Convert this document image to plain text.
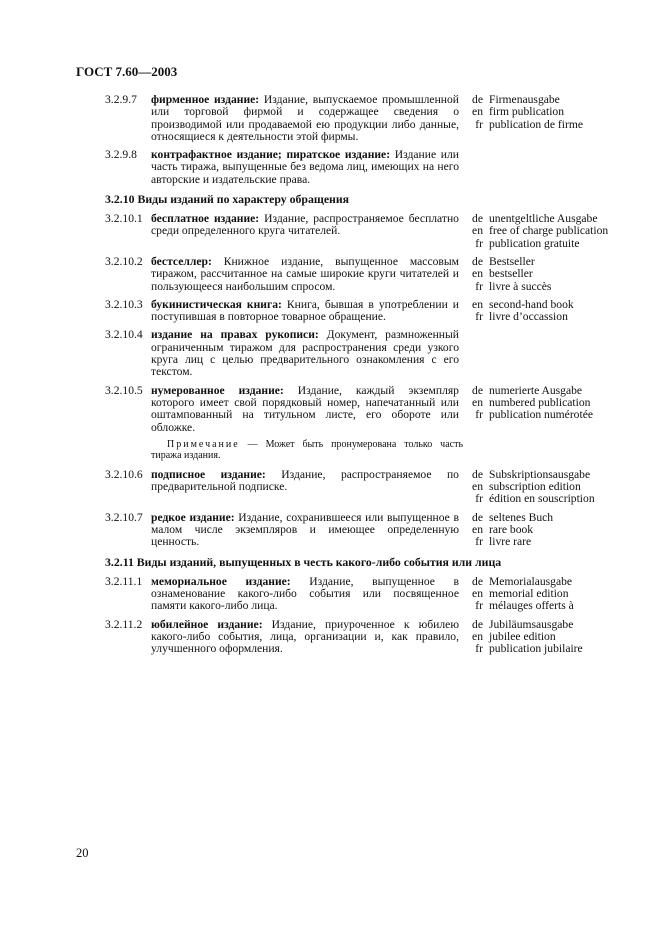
ГОСТ 7.60—2003
3.2.9.7	фирменное издание: Издание, выпускаемое промышленной или торговой фирмой и содержащее сведения о производимой или продаваемой ею продукции либо данные, относящиеся к деятельности этой фирмы.
de
en
fr
Firmenausgabe
firm publication
publication de firme
3.2.9.8	контрафактное издание; пиратское издание: Издание или часть тиража, выпущенные без ведома лиц, имеющих на него авторские и издательские права.
3.2.10 Виды изданий по характеру обращения
3.2.10.1 бесплатное издание: Издание, распространяемое бесплатно среди определенного круга читателей.
de
en
fr
unentgeltliche Ausgabe
free of charge publication
publication gratuite
3.2.10.2 бестселлер: Книжное издание, выпущенное массовым тиражом, рассчитанное на самые широкие круги читателей и пользующееся наибольшим спросом.
de
en
fr
Bestseller
bestseller
livre à succès
3.2.10.3 букинистическая книга: Книга, бывшая в употреблении и поступившая в повторное товарное обращение.
en
fr
second-hand book
livre d’occassion
3.2.10.4 издание на правах рукописи: Документ, размноженный ограниченным тиражом для распространения среди узкого круга лиц с целью предварительного ознакомления с его текстом.
3.2.10.5 нумерованное издание: Издание, каждый экземпляр которого имеет свой порядковый номер, напечатанный или оштампованный на титульном листе, его обороте или обложке.
de
en
fr
numerierte Ausgabe
numbered publication
publication numérotée
Примечание — Может быть пронумерована только часть тиража издания.
3.2.10.6 подписное издание: Издание, распространяемое по предварительной подписке.
de
en
fr
Subskriptionsausgabe
subscription edition
édition en souscription
3.2.10.7 редкое издание: Издание, сохранившееся или выпущенное в малом числе экземпляров и имеющее определенную ценность.
de
en
fr
seltenes Buch
rare book
livre rare
3.2.11 Виды изданий, выпущенных в честь какого-либо события или лица
3.2.11.1 мемориальное издание: Издание, выпущенное в ознаменование какого-либо события или посвященное памяти какого-либо лица.
de
en
fr
Memorialausgabe
memorial edition
mélauges offerts à
3.2.11.2 юбилейное издание: Издание, приуроченное к юбилею какого-либо события, лица, организации и, как правило, улучшенного оформления.
de
en
fr
Jubiläumsausgabe
jubilee edition
publication jubilaire
20
